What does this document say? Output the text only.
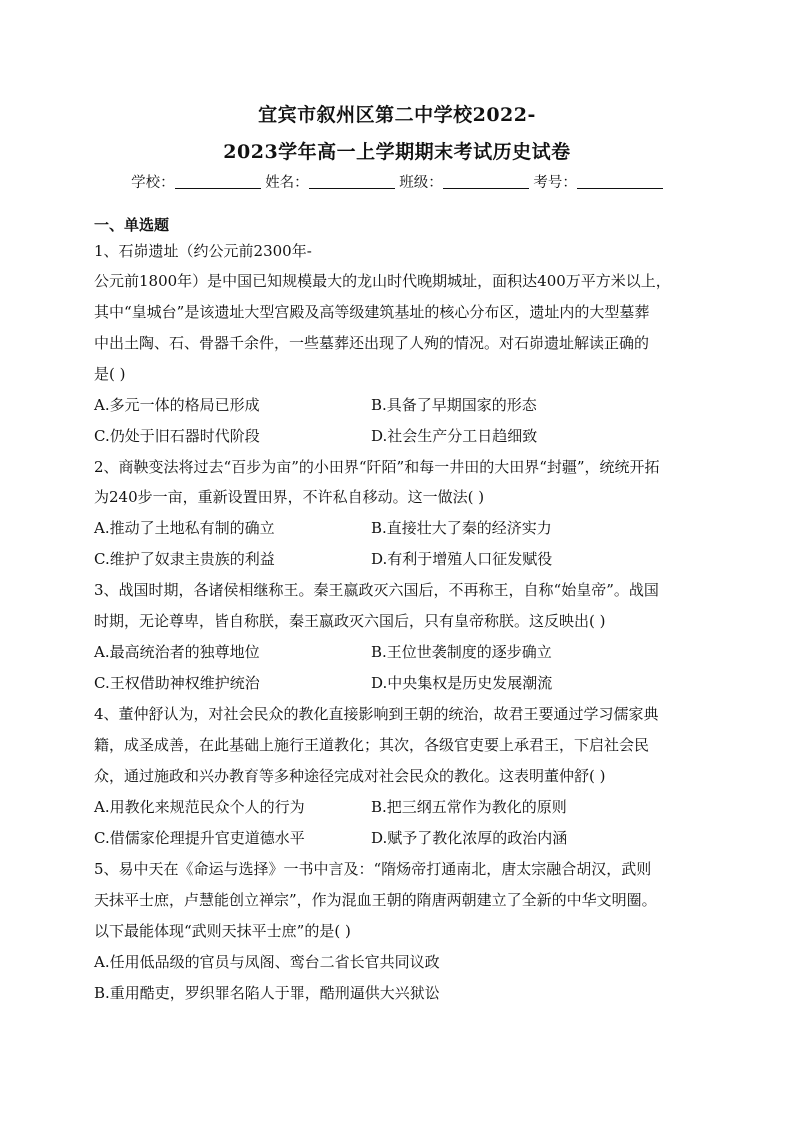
宜宾市叙州区第二中学校2022-
2023学年高一上学期期末考试历史试卷
学校：	姓名：	班级：	考号：
一、单选题
1、石峁遗址（约公元前2300年-
公元前1800年）是中国已知规模最大的龙山时代晚期城址，面积达400万平方米以上，
其中“皇城台”是该遗址大型宫殿及高等级建筑基址的核心分布区，遗址内的大型墓葬
中出土陶、石、骨器千余件，一些墓葬还出现了人殉的情况。对石峁遗址解读正确的
是( )
A.多元一体的格局已形成	B.具备了早期国家的形态
C.仍处于旧石器时代阶段	D.社会生产分工日趋细致
2、商鞅变法将过去“百步为亩”的小田界“阡陌”和每一井田的大田界“封疆”，统统开拓
为240步一亩，重新设置田界，不许私自移动。这一做法( )
A.推动了土地私有制的确立	B.直接壮大了秦的经济实力
C.维护了奴隶主贵族的利益	D.有利于增殖人口征发赋役
3、战国时期，各诸侯相继称王。秦王嬴政灭六国后，不再称王，自称“始皇帝”。战国
时期，无论尊卑，皆自称朕，秦王嬴政灭六国后，只有皇帝称朕。这反映出( )
A.最高统治者的独尊地位	B.王位世袭制度的逐步确立
C.王权借助神权维护统治	D.中央集权是历史发展潮流
4、董仲舒认为，对社会民众的教化直接影响到王朝的统治，故君王要通过学习儒家典
籍，成圣成善，在此基础上施行王道教化；其次，各级官吏要上承君王，下启社会民
众，通过施政和兴办教育等多种途径完成对社会民众的教化。这表明董仲舒( )
A.用教化来规范民众个人的行为	B.把三纲五常作为教化的原则
C.借儒家伦理提升官吏道德水平	D.赋予了教化浓厚的政治内涵
5、易中天在《命运与选择》一书中言及：“隋炀帝打通南北，唐太宗融合胡汉，武则
天抹平士庶，卢慧能创立禅宗”，作为混血王朝的隋唐两朝建立了全新的中华文明圈。
以下最能体现“武则天抹平士庶”的是( )
A.任用低品级的官员与凤阁、鸾台二省长官共同议政
B.重用酷吏，罗织罪名陷人于罪，酷刑逼供大兴狱讼
